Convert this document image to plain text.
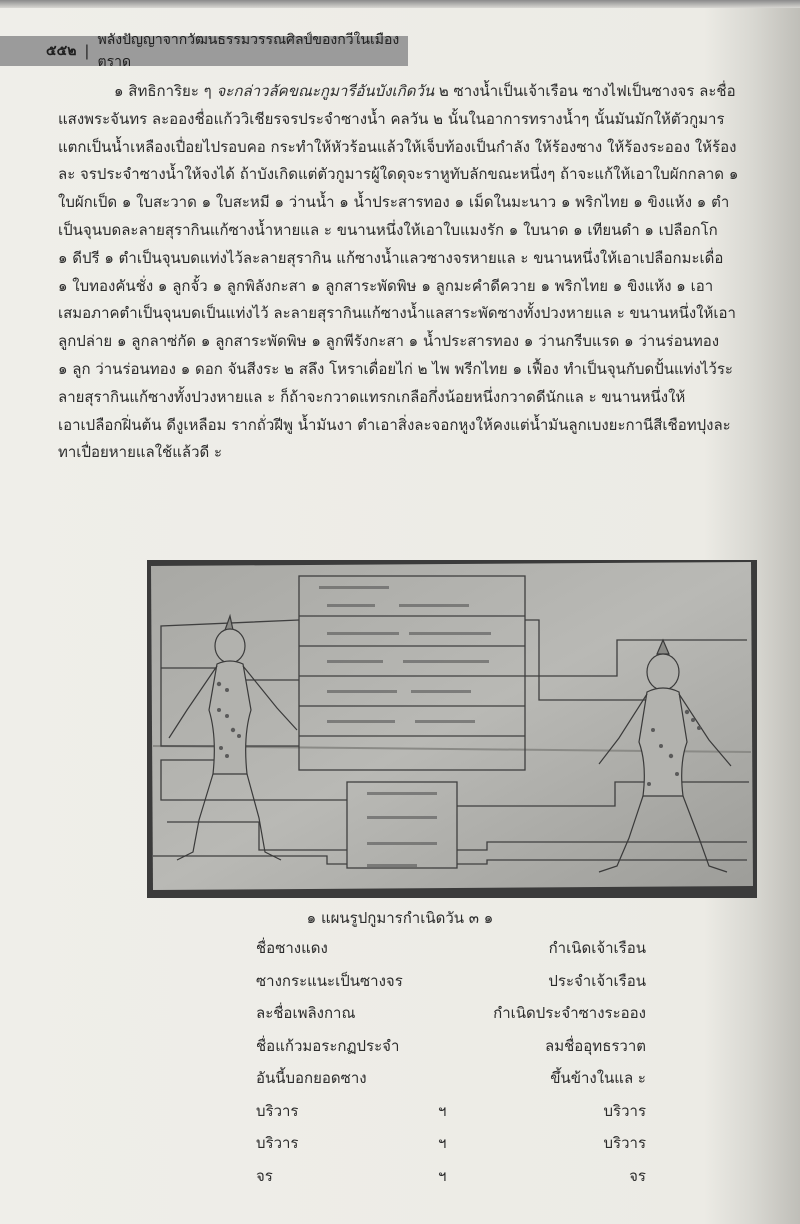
๕๕๒ |
พลังปัญญาจากวัฒนธรรมวรรณศิลป์ของกวีในเมืองตราด
๑ สิทธิการิยะ ๆ จะกล่าวลัคขณะกูมารีอันบังเกิดวัน ๒ ซางน้ำเป็นเจ้าเรือน ซางไฟเป็นซางจร ละชื่อ
แสงพระจันทร ละอองชื่อแก้ววิเชียรจรประจำซางน้ำ คลวัน ๒ นั้นในอาการทรางน้ำๆ นั้นมันมักให้ตัวกูมาร
แตกเป็นน้ำเหลืองเปื่อยไปรอบคอ กระทำให้หัวร้อนแล้วให้เจ็บท้องเป็นกำลัง ให้ร้องซาง ให้ร้องระออง ให้ร้อง
ละ จรประจำซางน้ำให้จงได้ ถ้าบังเกิดแต่ตัวกูมารผู้ใดดุจะราหูทับลักขณะหนึ่งๆ ถ้าจะแก้ให้เอาใบผักกลาด ๑
ใบผักเป็ด ๑ ใบสะวาด ๑ ใบสะหมี ๑ ว่านน้ำ ๑ น้ำประสารทอง ๑ เม็ดในมะนาว ๑ พริกไทย ๑ ขิงแห้ง ๑ ตำ
เป็นจุนบดละลายสุรากินแก้ซางน้ำหายแล ะ ขนานหนึ่งให้เอาใบแมงรัก ๑ ใบนาด ๑ เทียนดำ ๑ เปลือกโก
๑ ดีปรี ๑ ตำเป็นจุนบดแท่งไว้ละลายสุรากิน แก้ซางน้ำแลวซางจรหายแล ะ ขนานหนึ่งให้เอาเปลือกมะเดื่อ
๑ ใบทองคันชั่ง ๑ ลูกจั้ว ๑ ลูกพิลังกะสา ๑ ลูกสาระพัดพิษ ๑ ลูกมะคำดีควาย ๑ พริกไทย ๑ ขิงแห้ง ๑ เอา
เสมอภาคตำเป็นจุนบดเป็นแท่งไว้ ละลายสุรากินแก้ซางน้ำแลสาระพัดซางทั้งปวงหายแล ะ ขนานหนึ่งให้เอา
ลูกปล่าย ๑ ลูกลาซ่กัด ๑ ลูกสาระพัดพิษ ๑ ลูกพีรังกะสา ๑ น้ำประสารทอง ๑ ว่านกรีบแรด ๑ ว่านร่อนทอง
๑ ลูก ว่านร่อนทอง ๑ ดอก จันสีงระ ๒ สลึง โหราเดื่อยไก่ ๒ ไพ พรีกไทย ๑ เฟื้อง ทำเป็นจุนกับดปั้นแท่งไว้ระ
ลายสุรากินแก้ซางทั้งปวงหายแล ะ ก็ถ้าจะกวาดแทรกเกลือกึ่งน้อยหนึ่งกวาดดีนักแล ะ ขนานหนึ่งให้
เอาเปลือกฝิ่นต้น ดีงูเหลือม รากถั่วฝีพู น้ำมันงา ตำเอาสิ่งละจอกหูงให้คงแต่น้ำมันลูกเบงยะกานีสีเชือทปุงละ
ทาเปื่อยหายแลใช้แล้วดี ะ
๑ แผนรูปกูมารกำเนิดวัน ๓ ๑
ชื่อซางแดง	กำเนิดเจ้าเรือน
ซางกระแนะเป็นซางจร	ประจำเจ้าเรือน
ละชื่อเพลิงกาณ	กำเนิดประจำซางระออง
ชื่อแก้วมอระกฏประจำ	ลมชื่ออุทธรวาต
อันนี้บอกยอดซาง	ขึ้นข้างในแล ะ
บริวาร	ฯ	บริวาร
บริวาร	ฯ	บริวาร
จร	ฯ	จร
